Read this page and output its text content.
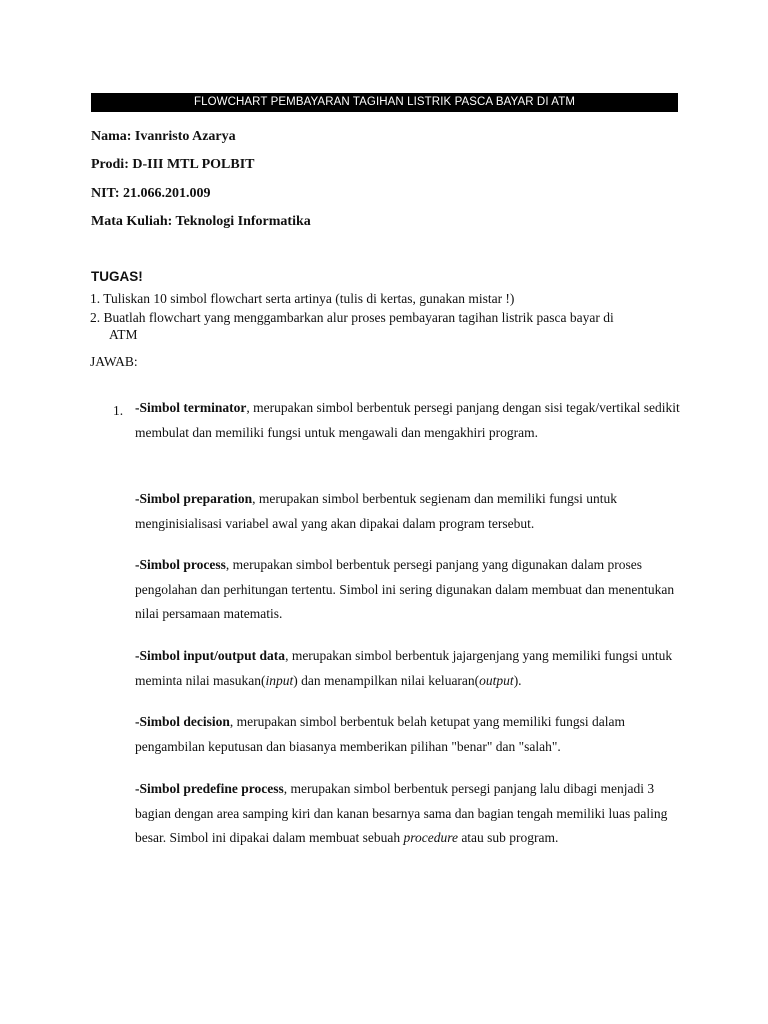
FLOWCHART PEMBAYARAN TAGIHAN LISTRIK PASCA BAYAR DI ATM
Nama: Ivanristo Azarya
Prodi: D-III MTL POLBIT
NIT: 21.066.201.009
Mata Kuliah: Teknologi Informatika
TUGAS!
1. Tuliskan 10 simbol flowchart serta artinya (tulis di kertas, gunakan mistar !)
2. Buatlah flowchart yang menggambarkan alur proses pembayaran tagihan listrik pasca bayar di
ATM
JAWAB:
1. -Simbol terminator, merupakan simbol berbentuk persegi panjang dengan sisi tegak/vertikal sedikit membulat dan memiliki fungsi untuk mengawali dan mengakhiri program.
-Simbol preparation, merupakan simbol berbentuk segienam dan memiliki fungsi untuk menginisialisasi variabel awal yang akan dipakai dalam program tersebut.
-Simbol process, merupakan simbol berbentuk persegi panjang yang digunakan dalam proses pengolahan dan perhitungan tertentu. Simbol ini sering digunakan dalam membuat dan menentukan nilai persamaan matematis.
-Simbol input/output data, merupakan simbol berbentuk jajargenjang yang memiliki fungsi untuk meminta nilai masukan(input) dan menampilkan nilai keluaran(output).
-Simbol decision, merupakan simbol berbentuk belah ketupat yang memiliki fungsi dalam pengambilan keputusan dan biasanya memberikan pilihan "benar" dan "salah".
-Simbol predefine process, merupakan simbol berbentuk persegi panjang lalu dibagi menjadi 3 bagian dengan area samping kiri dan kanan besarnya sama dan bagian tengah memiliki luas paling besar. Simbol ini dipakai dalam membuat sebuah procedure atau sub program.
